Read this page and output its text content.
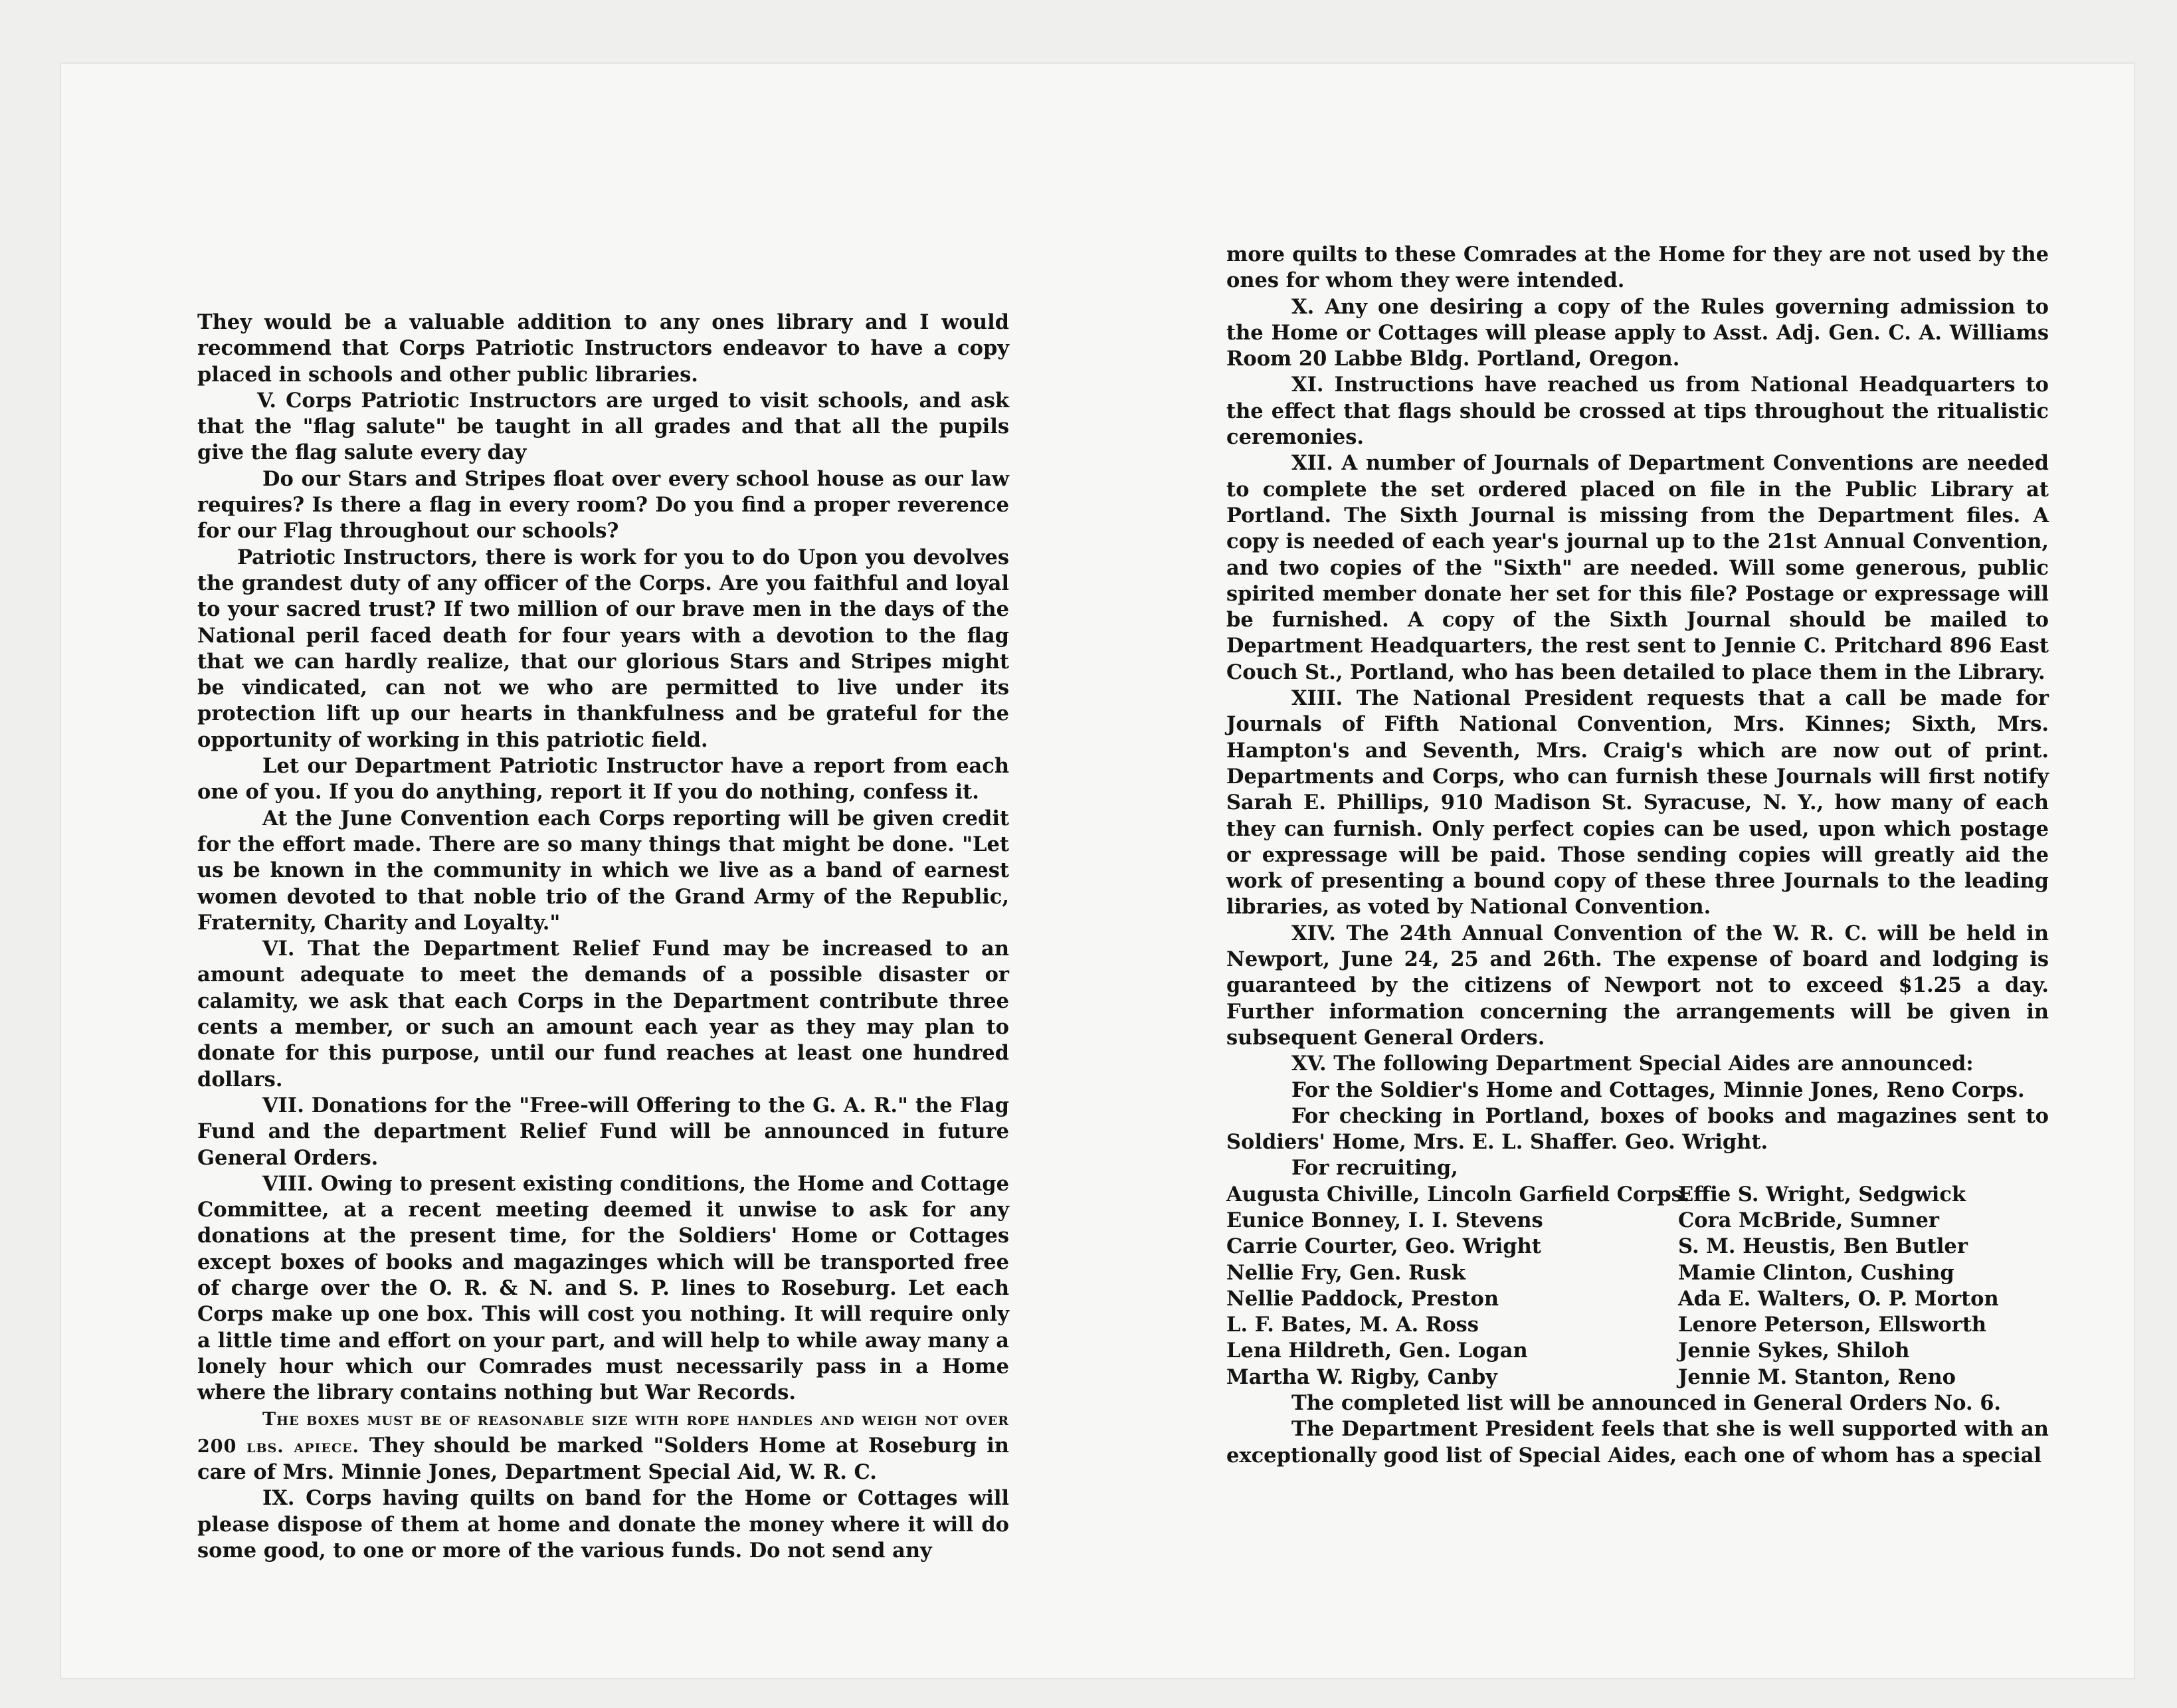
They would be a valuable addition to any ones library and I would recommend that Corps Patriotic Instructors endeavor to have a copy placed in schools and other public libraries.

V. Corps Patriotic Instructors are urged to visit schools, and ask that the "flag salute" be taught in all grades and that all the pupils give the flag salute every day

Do our Stars and Stripes float over every school house as our law requires? Is there a flag in every room? Do you find a proper reverence for our Flag throughout our schools?

Patriotic Instructors, there is work for you to do Upon you devolves the grandest duty of any officer of the Corps. Are you faithful and loyal to your sacred trust? If two million of our brave men in the days of the National peril faced death for four years with a devotion to the flag that we can hardly realize, that our glorious Stars and Stripes might be vindicated, can not we who are permitted to live under its protection lift up our hearts in thankfulness and be grateful for the opportunity of working in this patriotic field.

Let our Department Patriotic Instructor have a report from each one of you. If you do anything, report it If you do nothing, confess it.

At the June Convention each Corps reporting will be given credit for the effort made. There are so many things that might be done. "Let us be known in the community in which we live as a band of earnest women devoted to that noble trio of the Grand Army of the Republic, Fraternity, Charity and Loyalty."

VI. That the Department Relief Fund may be increased to an amount adequate to meet the demands of a possible disaster or calamity, we ask that each Corps in the Department contribute three cents a member, or such an amount each year as they may plan to donate for this purpose, until our fund reaches at least one hundred dollars.

VII. Donations for the "Free-will Offering to the G. A. R." the Flag Fund and the department Relief Fund will be announced in future General Orders.

VIII. Owing to present existing conditions, the Home and Cottage Committee, at a recent meeting deemed it unwise to ask for any donations at the present time, for the Soldiers' Home or Cottages except boxes of books and magazinges which will be transported free of charge over the O. R. & N. and S. P. lines to Roseburg. Let each Corps make up one box. This will cost you nothing. It will require only a little time and effort on your part, and will help to while away many a lonely hour which our Comrades must necessarily pass in a Home where the library contains nothing but War Records.

The boxes must be of reasonable size with rope handles and weigh not over 200 lbs. apiece. They should be marked "Solders Home at Roseburg in care of Mrs. Minnie Jones, Department Special Aid, W. R. C.

IX. Corps having quilts on band for the Home or Cottages will please dispose of them at home and donate the money where it will do some good, to one or more of the various funds. Do not send any

more quilts to these Comrades at the Home for they are not used by the ones for whom they were intended.

X. Any one desiring a copy of the Rules governing admission to the Home or Cottages will please apply to Asst. Adj. Gen. C. A. Williams Room 20 Labbe Bldg. Portland, Oregon.

XI. Instructions have reached us from National Headquarters to the effect that flags should be crossed at tips throughout the ritualistic ceremonies.

XII. A number of Journals of Department Conventions are needed to complete the set ordered placed on file in the Public Library at Portland. The Sixth Journal is missing from the Department files. A copy is needed of each year's journal up to the 21st Annual Convention, and two copies of the "Sixth" are needed. Will some generous, public spirited member donate her set for this file? Postage or expressage will be furnished. A copy of the Sixth Journal should be mailed to Department Headquarters, the rest sent to Jennie C. Pritchard 896 East Couch St., Portland, who has been detailed to place them in the Library.

XIII. The National President requests that a call be made for Journals of Fifth National Convention, Mrs. Kinnes; Sixth, Mrs. Hampton's and Seventh, Mrs. Craig's which are now out of print. Departments and Corps, who can furnish these Journals will first notify Sarah E. Phillips, 910 Madison St. Syracuse, N. Y., how many of each they can furnish. Only perfect copies can be used, upon which postage or expressage will be paid. Those sending copies will greatly aid the work of presenting a bound copy of these three Journals to the leading libraries, as voted by National Convention.

XIV. The 24th Annual Convention of the W. R. C. will be held in Newport, June 24, 25 and 26th. The expense of board and lodging is guaranteed by the citizens of Newport not to exceed $1.25 a day. Further information concerning the arrangements will be given in subsequent General Orders.

XV. The following Department Special Aides are announced:

For the Soldier's Home and Cottages, Minnie Jones, Reno Corps.

For checking in Portland, boxes of books and magazines sent to Soldiers' Home, Mrs. E. L. Shaffer. Geo. Wright.

For recruiting,

Augusta Chiville, Lincoln Garfield Corps.
Eunice Bonney, I. I. Stevens
Carrie Courter, Geo. Wright
Nellie Fry, Gen. Rusk
Nellie Paddock, Preston
L. F. Bates, M. A. Ross
Lena Hildreth, Gen. Logan
Martha W. Rigby, Canby
Effie S. Wright, Sedgwick
Cora McBride, Sumner
S. M. Heustis, Ben Butler
Mamie Clinton, Cushing
Ada E. Walters, O. P. Morton
Lenore Peterson, Ellsworth
Jennie Sykes, Shiloh
Jennie M. Stanton, Reno

The completed list will be announced in General Orders No. 6.

The Department President feels that she is well supported with an exceptionally good list of Special Aides, each one of whom has a special
